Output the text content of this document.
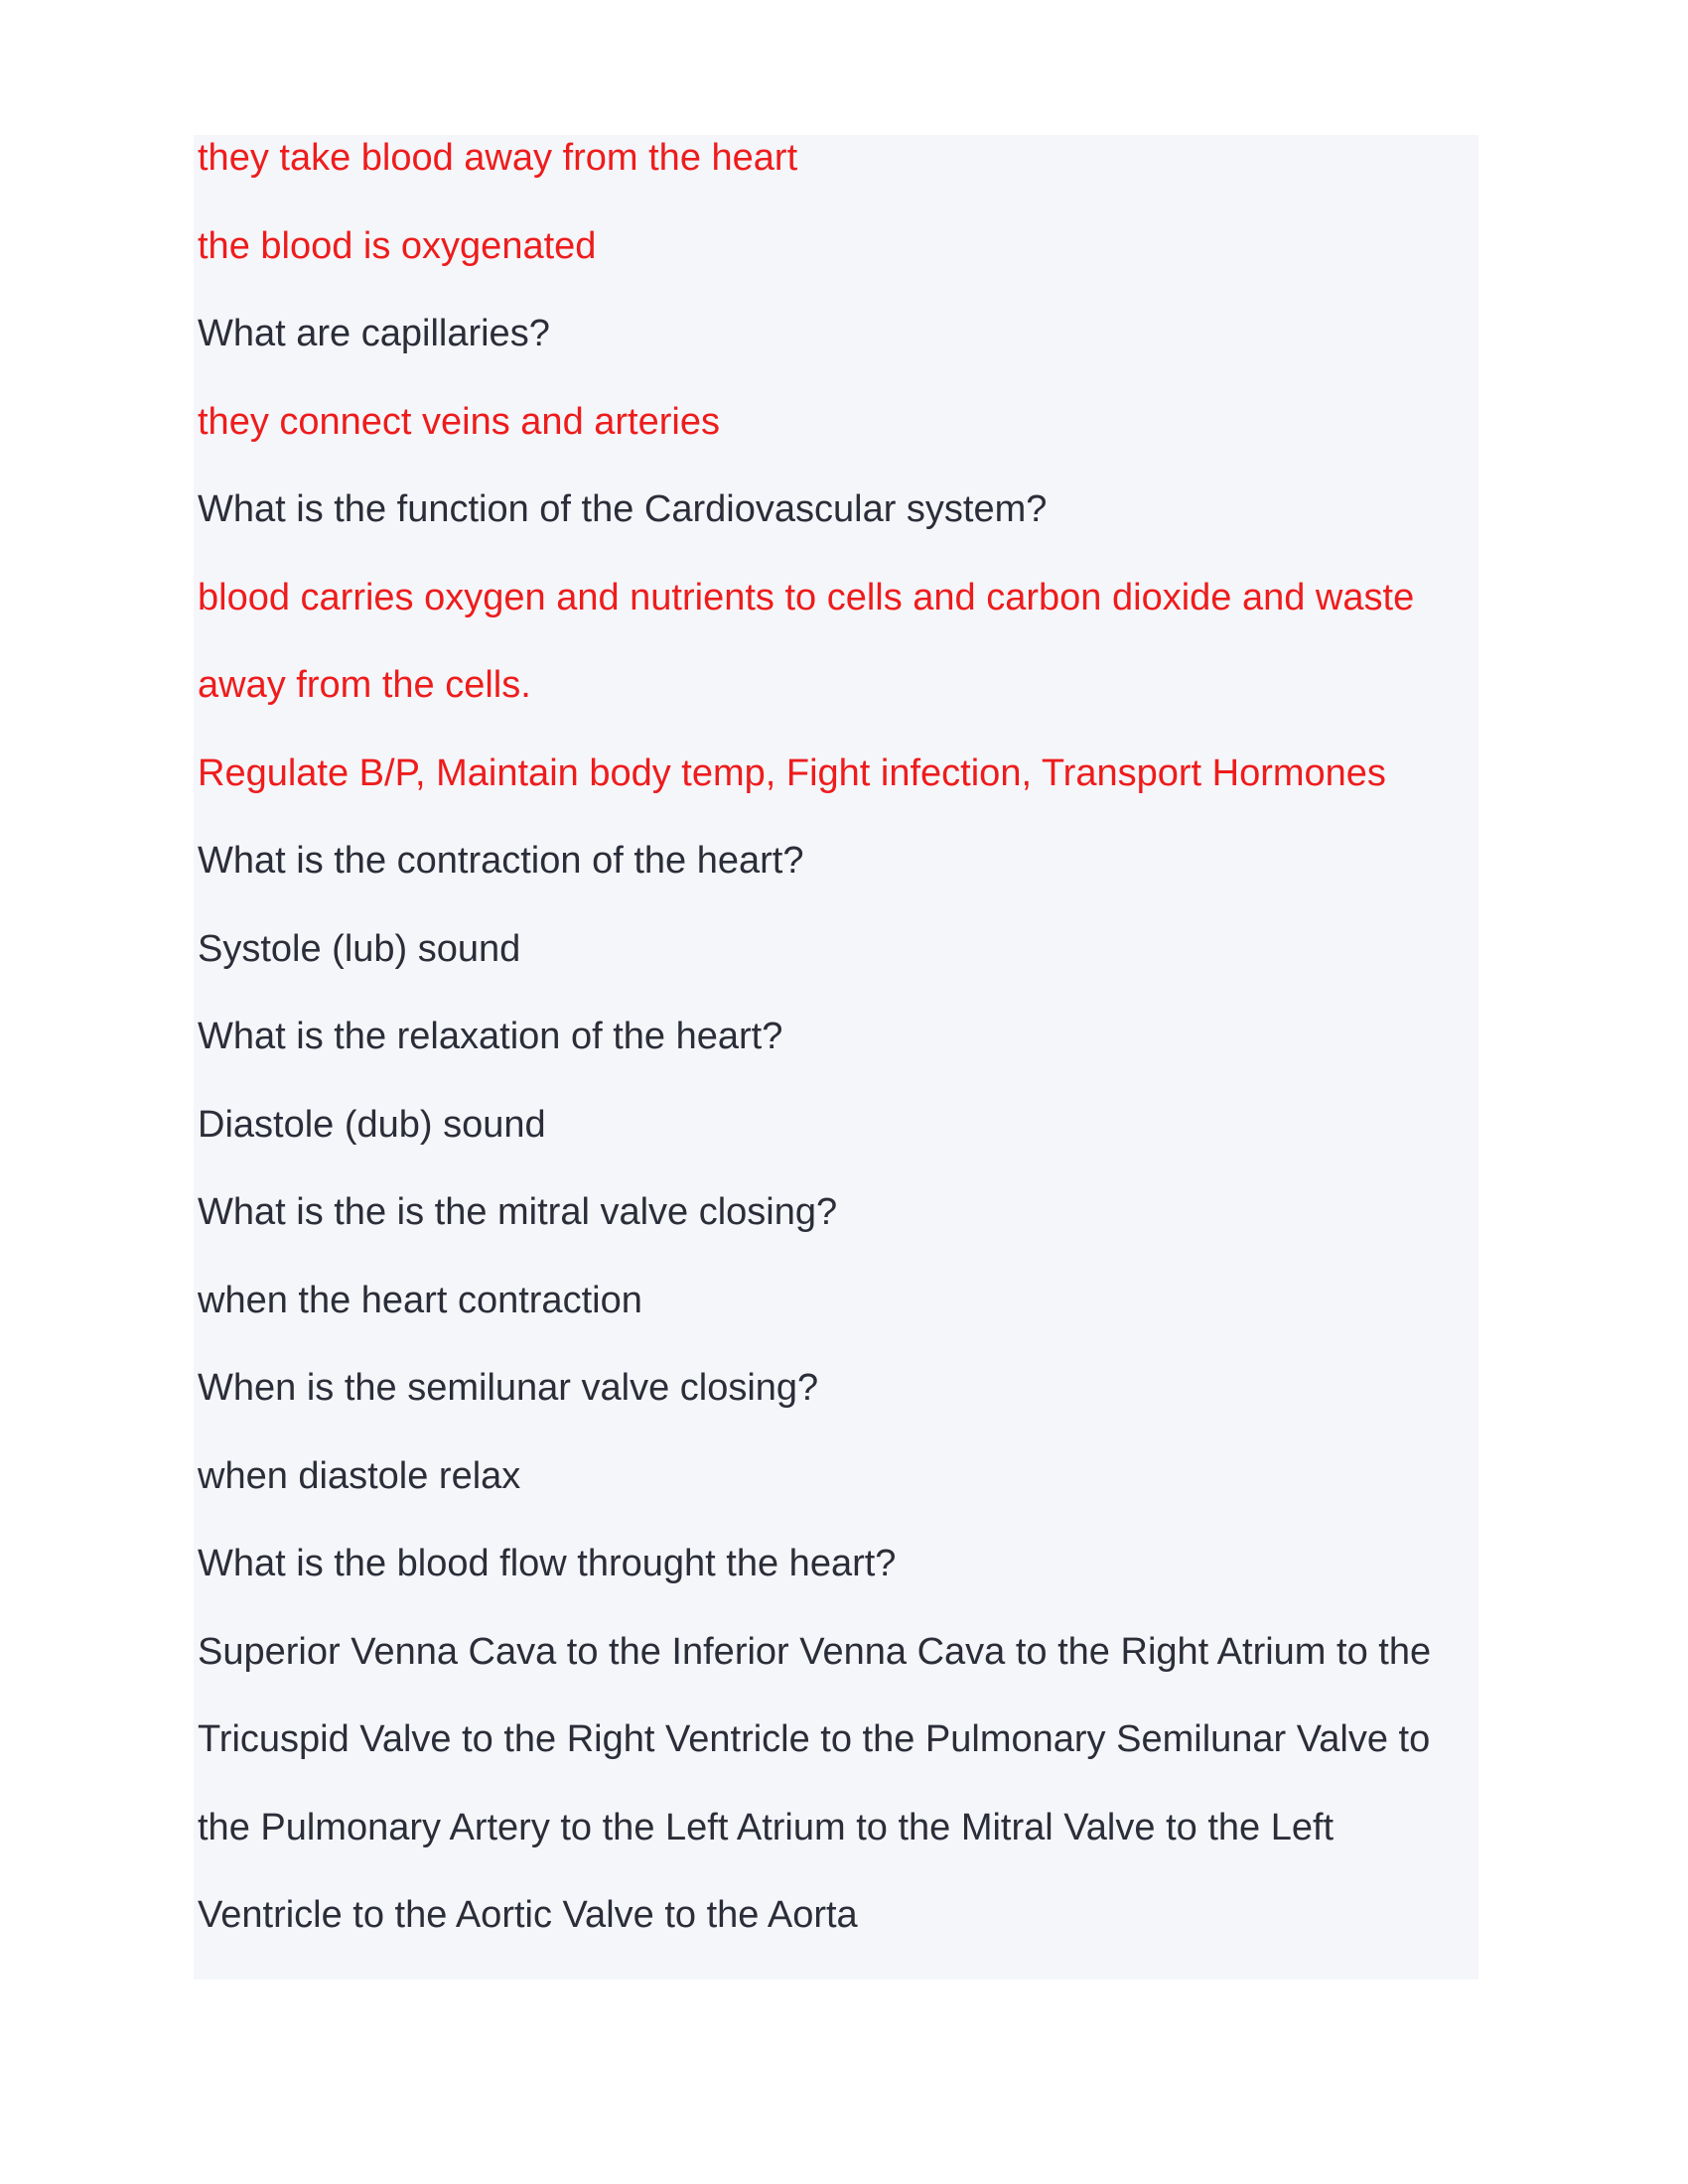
they take blood away from the heart
the blood is oxygenated
What are capillaries?
they connect veins and arteries
What is the function of the Cardiovascular system?
blood carries oxygen and nutrients to cells and carbon dioxide and waste
away from the cells.
Regulate B/P, Maintain body temp, Fight infection, Transport Hormones
What is the contraction of the heart?
Systole (lub) sound
What is the relaxation of the heart?
Diastole (dub) sound
What is the is the mitral valve closing?
when the heart contraction
When is the semilunar valve closing?
when diastole relax
What is the blood flow throught the heart?
Superior Venna Cava to the Inferior Venna Cava to the Right Atrium to the
Tricuspid Valve to the Right Ventricle to the Pulmonary Semilunar Valve to
the Pulmonary Artery to the Left Atrium to the Mitral Valve to the Left
Ventricle to the Aortic Valve to the Aorta
